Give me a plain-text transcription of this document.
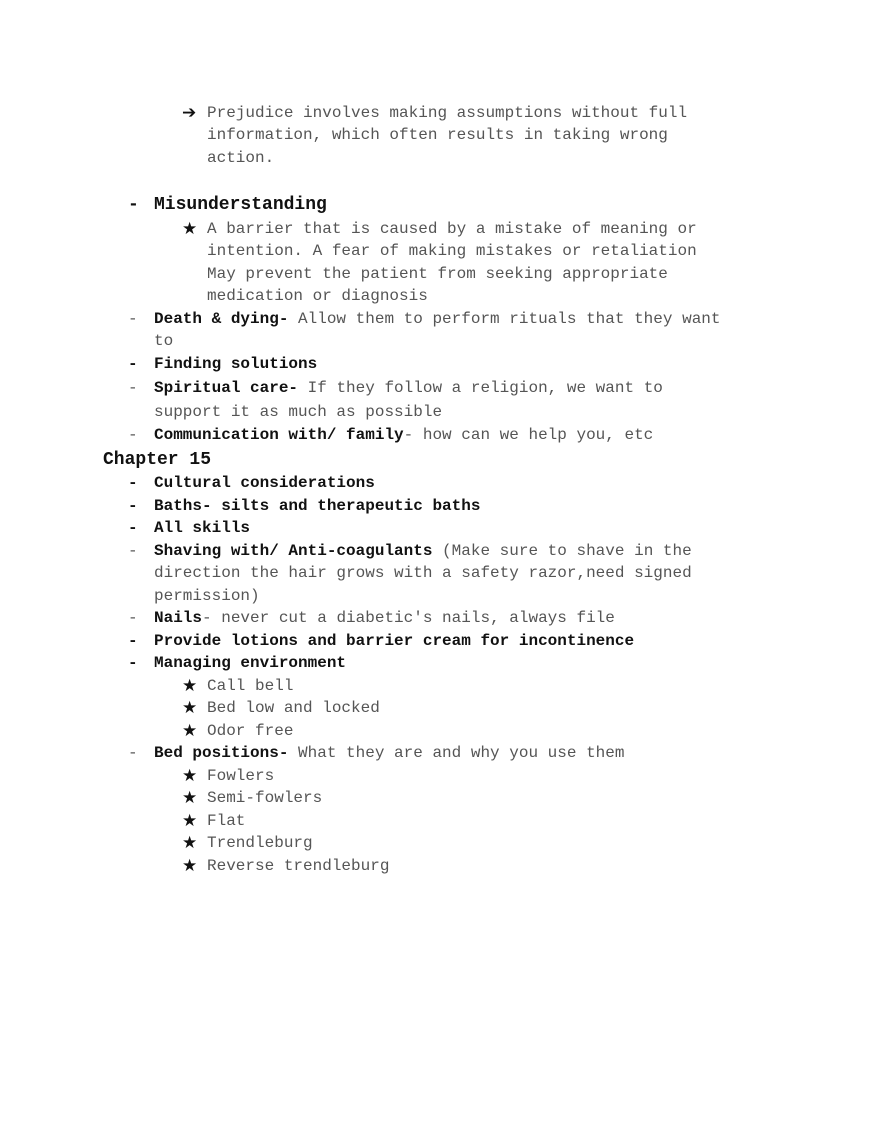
➔ Prejudice involves making assumptions without full
information, which often results in taking wrong
action.
- Misunderstanding
★ A barrier that is caused by a mistake of meaning or
intention. A fear of making mistakes or retaliation
May prevent the patient from seeking appropriate
medication or diagnosis
- Death & dying- Allow them to perform rituals that they want
to
- Finding solutions
- Spiritual care- If they follow a religion, we want to
support it as much as possible
- Communication with/ family- how can we help you, etc
Chapter 15
- Cultural considerations
- Baths- silts and therapeutic baths
- All skills
- Shaving with/ Anti-coagulants (Make sure to shave in the
direction the hair grows with a safety razor,need signed
permission)
- Nails- never cut a diabetic's nails, always file
- Provide lotions and barrier cream for incontinence
- Managing environment
★ Call bell
★ Bed low and locked
★ Odor free
- Bed positions- What they are and why you use them
★ Fowlers
★ Semi-fowlers
★ Flat
★ Trendleburg
★ Reverse trendleburg
